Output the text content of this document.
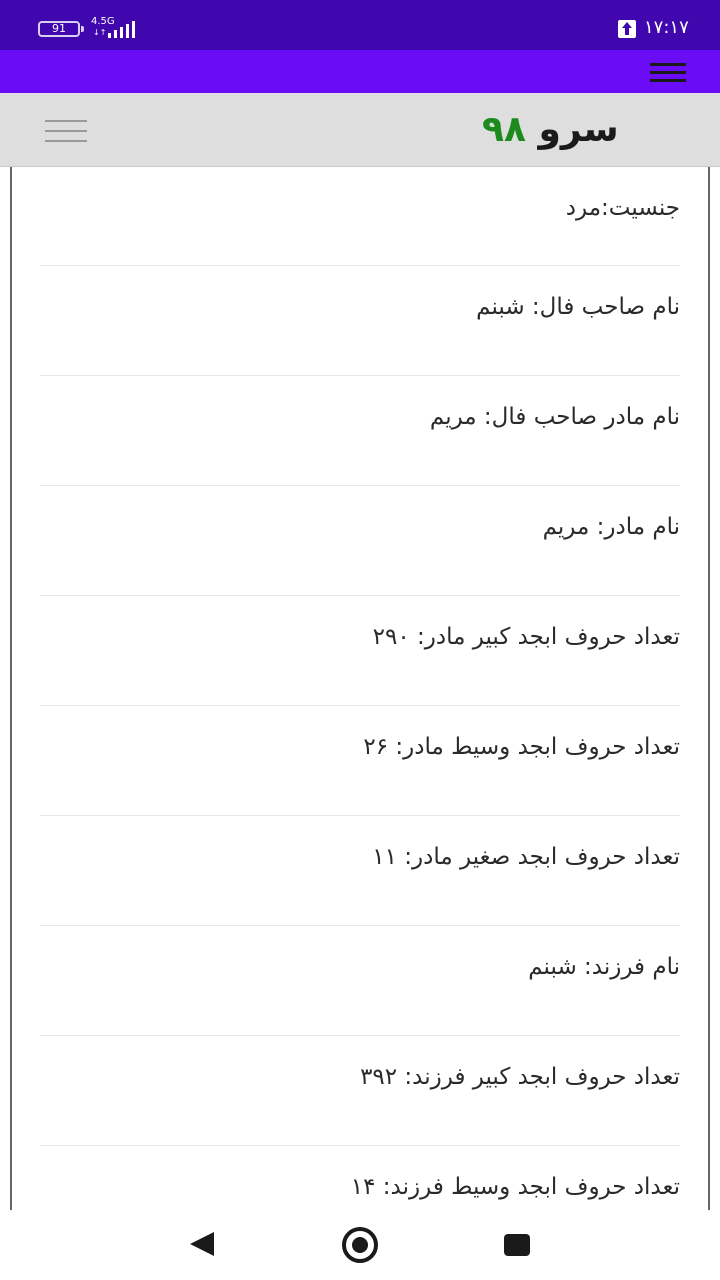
91
4.5G
↓↑	۱۷:۱۷
سرو ۹۸
جنسیت:مرد
نام صاحب فال: شبنم
نام مادر صاحب فال: مریم
نام مادر: مریم
تعداد حروف ابجد کبیر مادر: ۲۹۰
تعداد حروف ابجد وسیط مادر: ۲۶
تعداد حروف ابجد صغیر مادر: ۱۱
نام فرزند: شبنم
تعداد حروف ابجد کبیر فرزند: ۳۹۲
تعداد حروف ابجد وسیط فرزند: ۱۴
